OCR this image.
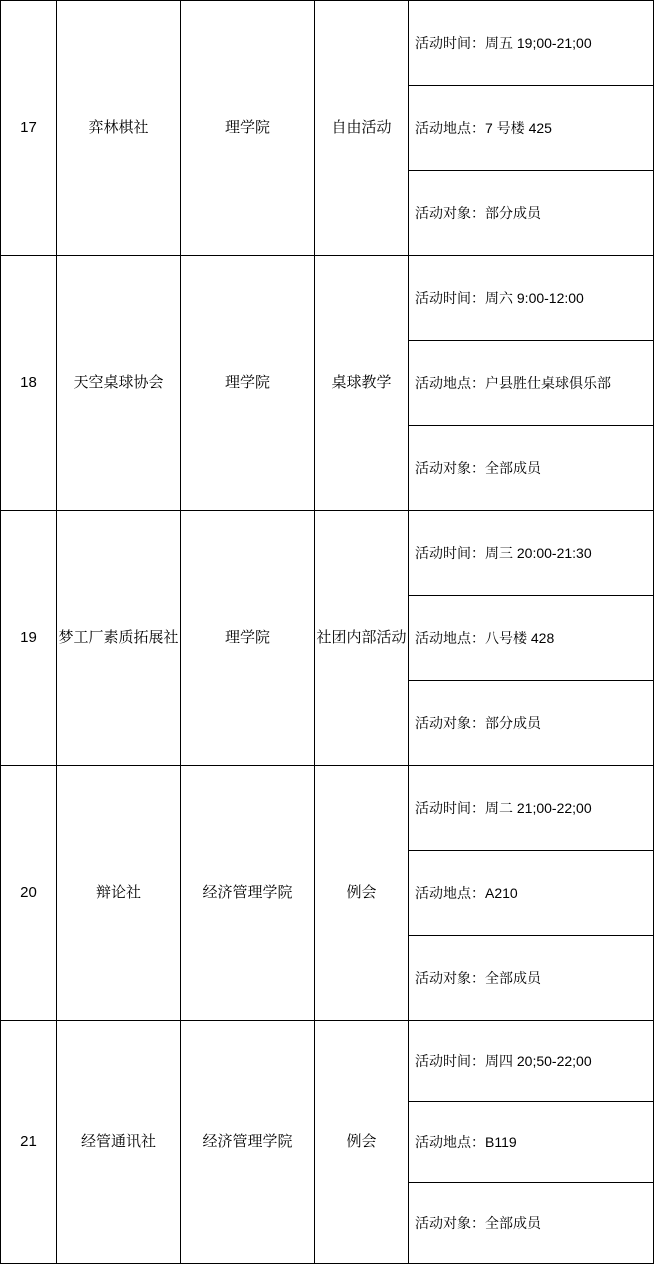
17	弈林棋社	理学院	自由活动	
活动时间：周五 19;00-21;00
活动地点：7 号楼 425
活动对象：部分成员

18	天空桌球协会	理学院	桌球教学	
活动时间：周六 9:00-12:00
活动地点：户县胜仕桌球俱乐部
活动对象：全部成员

19	梦工厂素质拓展社	理学院	社团内部活动	
活动时间：周三 20:00-21:30
活动地点：八号楼 428
活动对象：部分成员

20	辩论社	经济管理学院	例会	
活动时间：周二 21;00-22;00
活动地点：A210
活动对象：全部成员

21	经管通讯社	经济管理学院	例会	
活动时间：周四 20;50-22;00
活动地点：B119
活动对象：全部成员
